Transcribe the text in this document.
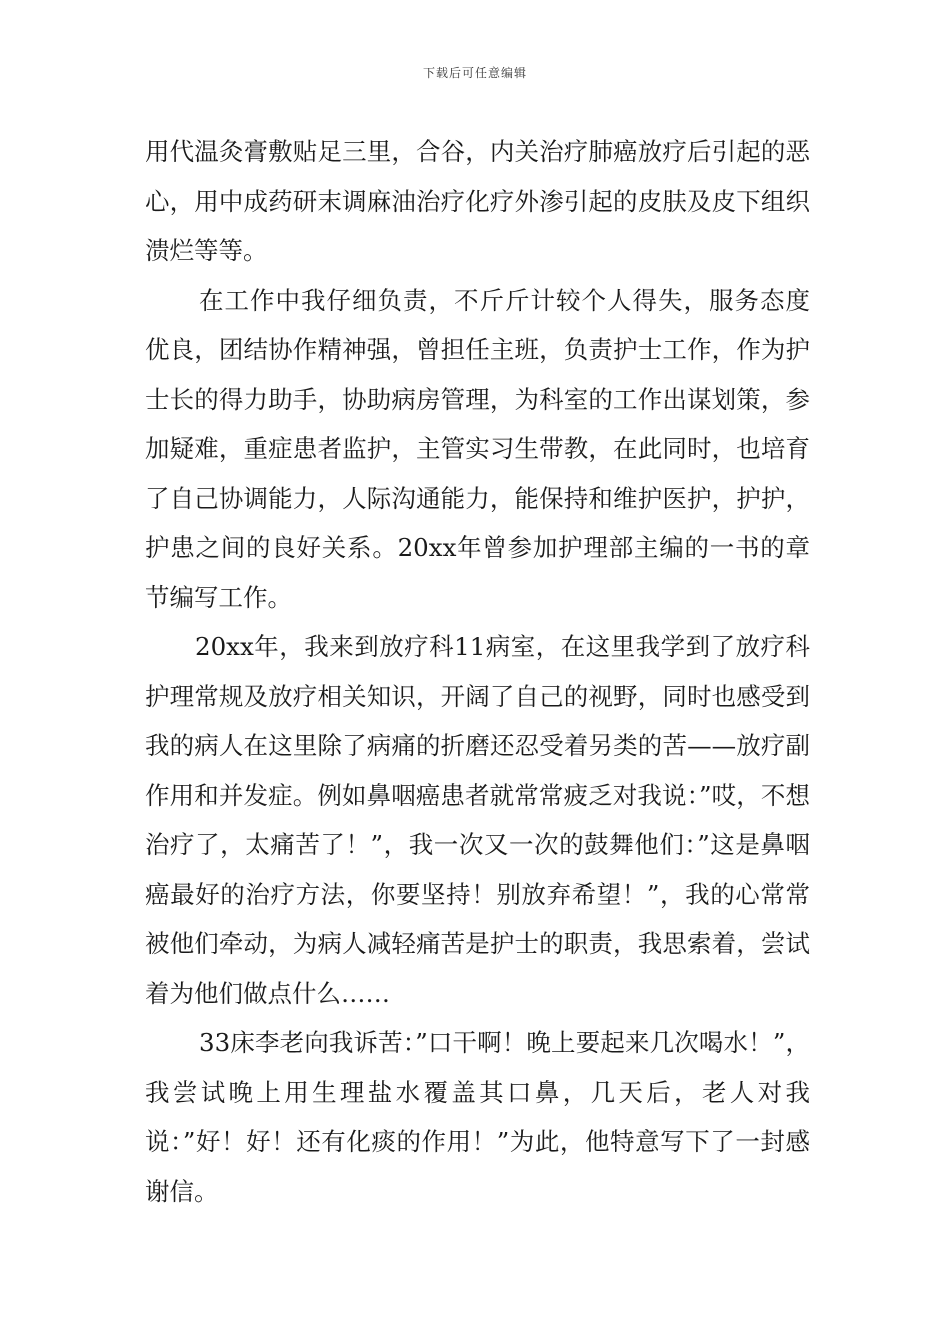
下载后可任意编辑

用代温灸膏敷贴足三里，合谷，内关治疗肺癌放疗后引起的恶心，用中成药研末调麻油治疗化疗外渗引起的皮肤及皮下组织溃烂等等。

在工作中我仔细负责，不斤斤计较个人得失，服务态度优良，团结协作精神强，曾担任主班，负责护士工作，作为护士长的得力助手，协助病房管理，为科室的工作出谋划策，参加疑难，重症患者监护，主管实习生带教，在此同时，也培育了自己协调能力，人际沟通能力，能保持和维护医护，护护，护患之间的良好关系。20xx年曾参加护理部主编的一书的章节编写工作。

20xx年，我来到放疗科11病室，在这里我学到了放疗科护理常规及放疗相关知识，开阔了自己的视野，同时也感受到我的病人在这里除了病痛的折磨还忍受着另类的苦——放疗副作用和并发症。例如鼻咽癌患者就常常疲乏对我说：”哎，不想治疗了，太痛苦了！”，我一次又一次的鼓舞他们：”这是鼻咽癌最好的治疗方法，你要坚持！别放弃希望！”，我的心常常被他们牵动，为病人减轻痛苦是护士的职责，我思索着，尝试着为他们做点什么……

33床李老向我诉苦：”口干啊！晚上要起来几次喝水！”，我尝试晚上用生理盐水覆盖其口鼻，几天后，老人对我说：”好！好！还有化痰的作用！”为此，他特意写下了一封感谢信。
